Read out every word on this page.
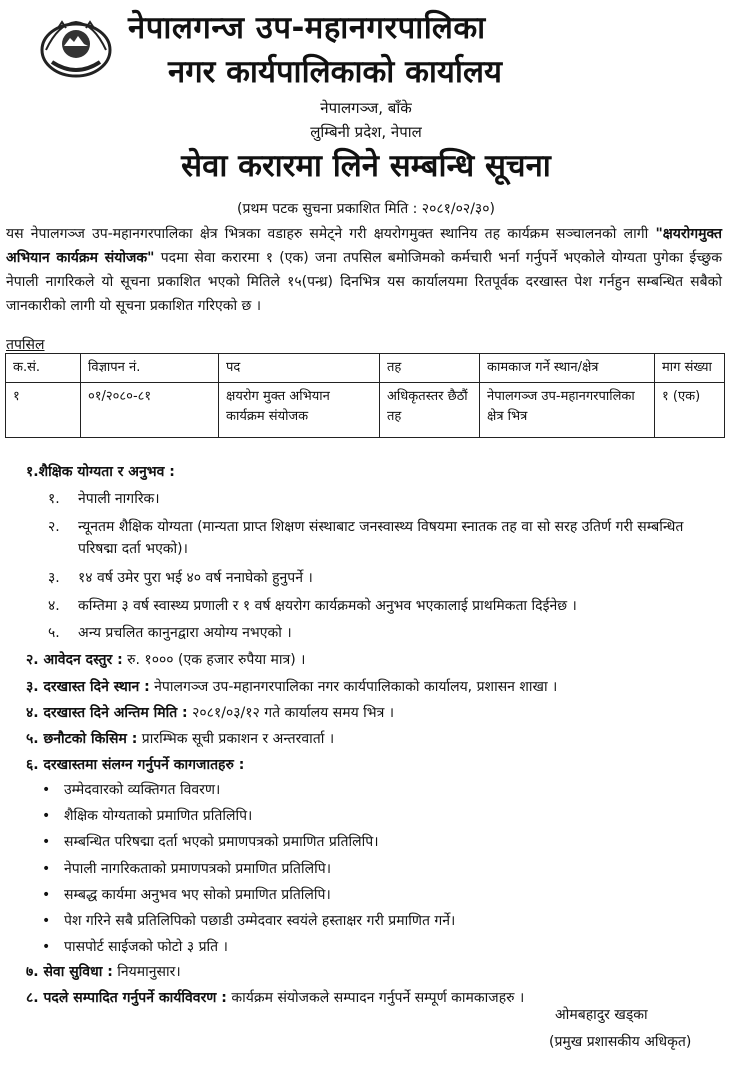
नेपालगन्ज उप-महानगरपालिका
नगर कार्यपालिकाको कार्यालय
नेपालगञ्ज, बाँके
लुम्बिनी प्रदेश, नेपाल
सेवा करारमा लिने सम्बन्धि सूचना
(प्रथम पटक सुचना प्रकाशित मिति : २०८१/०२/३०)
यस नेपालगञ्ज उप-महानगरपालिका क्षेत्र भित्रका वडाहरु समेट्ने गरी क्षयरोगमुक्त स्थानिय तह कार्यक्रम सञ्चालनको लागी "क्षयरोगमुक्त अभियान कार्यक्रम संयोजक" पदमा सेवा करारमा १ (एक) जना तपसिल बमोजिमको कर्मचारी भर्ना गर्नुपर्ने भएकोले योग्यता पुगेका ईच्छुक नेपाली नागरिकले यो सूचना प्रकाशित भएको मितिले १५(पन्ध्र) दिनभित्र यस कार्यालयमा रितपूर्वक दरखास्त पेश गर्नहुन सम्बन्धित सबैको जानकारीको लागी यो सूचना प्रकाशित गरिएको छ ।
तपसिल
क.सं.	विज्ञापन नं.	पद	तह	कामकाज गर्ने स्थान/क्षेत्र	माग संख्या
१	०१/२०८०-८१	क्षयरोग मुक्त अभियान कार्यक्रम संयोजक	अधिकृतस्तर छैठौं तह	नेपालगञ्ज उप-महानगरपालिका क्षेत्र भित्र	१ (एक)
१.शैक्षिक योग्यता र अनुभव :
१. नेपाली नागरिक।
२. न्यूनतम शैक्षिक योग्यता (मान्यता प्राप्त शिक्षण संस्थाबाट जनस्वास्थ्य विषयमा स्नातक तह वा सो सरह उतिर्ण गरी सम्बन्धित परिषद्मा दर्ता भएको)।
३. १४ वर्ष उमेर पुरा भई ४० वर्ष ननाघेको हुनुपर्ने ।
४. कम्तिमा ३ वर्ष स्वास्थ्य प्रणाली र १ वर्ष क्षयरोग कार्यक्रमको अनुभव भएकालाई प्राथमिकता दिईनेछ ।
५. अन्य प्रचलित कानुनद्वारा अयोग्य नभएको ।
२. आवेदन दस्तुर : रु. १००० (एक हजार रुपैया मात्र) ।
३. दरखास्त दिने स्थान : नेपालगञ्ज उप-महानगरपालिका नगर कार्यपालिकाको कार्यालय, प्रशासन शाखा ।
४. दरखास्त दिने अन्तिम मिति : २०८१/०३/१२ गते कार्यालय समय भित्र ।
५. छनौटको किसिम : प्रारम्भिक सूची प्रकाशन र अन्तरवार्ता ।
६. दरखास्तमा संलग्न गर्नुपर्ने कागजातहरु :
• उम्मेदवारको व्यक्तिगत विवरण।
• शैक्षिक योग्यताको प्रमाणित प्रतिलिपि।
• सम्बन्धित परिषद्मा दर्ता भएको प्रमाणपत्रको प्रमाणित प्रतिलिपि।
• नेपाली नागरिकताको प्रमाणपत्रको प्रमाणित प्रतिलिपि।
• सम्बद्ध कार्यमा अनुभव भए सोको प्रमाणित प्रतिलिपि।
• पेश गरिने सबै प्रतिलिपिको पछाडी उम्मेदवार स्वयंले हस्ताक्षर गरी प्रमाणित गर्ने।
• पासपोर्ट साईजको फोटो ३ प्रति ।
७. सेवा सुविधा : नियमानुसार।
८. पदले सम्पादित गर्नुपर्ने कार्यविवरण : कार्यक्रम संयोजकले सम्पादन गर्नुपर्ने सम्पूर्ण कामकाजहरु ।
ओमबहादुर खड्का
(प्रमुख प्रशासकीय अधिकृत)
